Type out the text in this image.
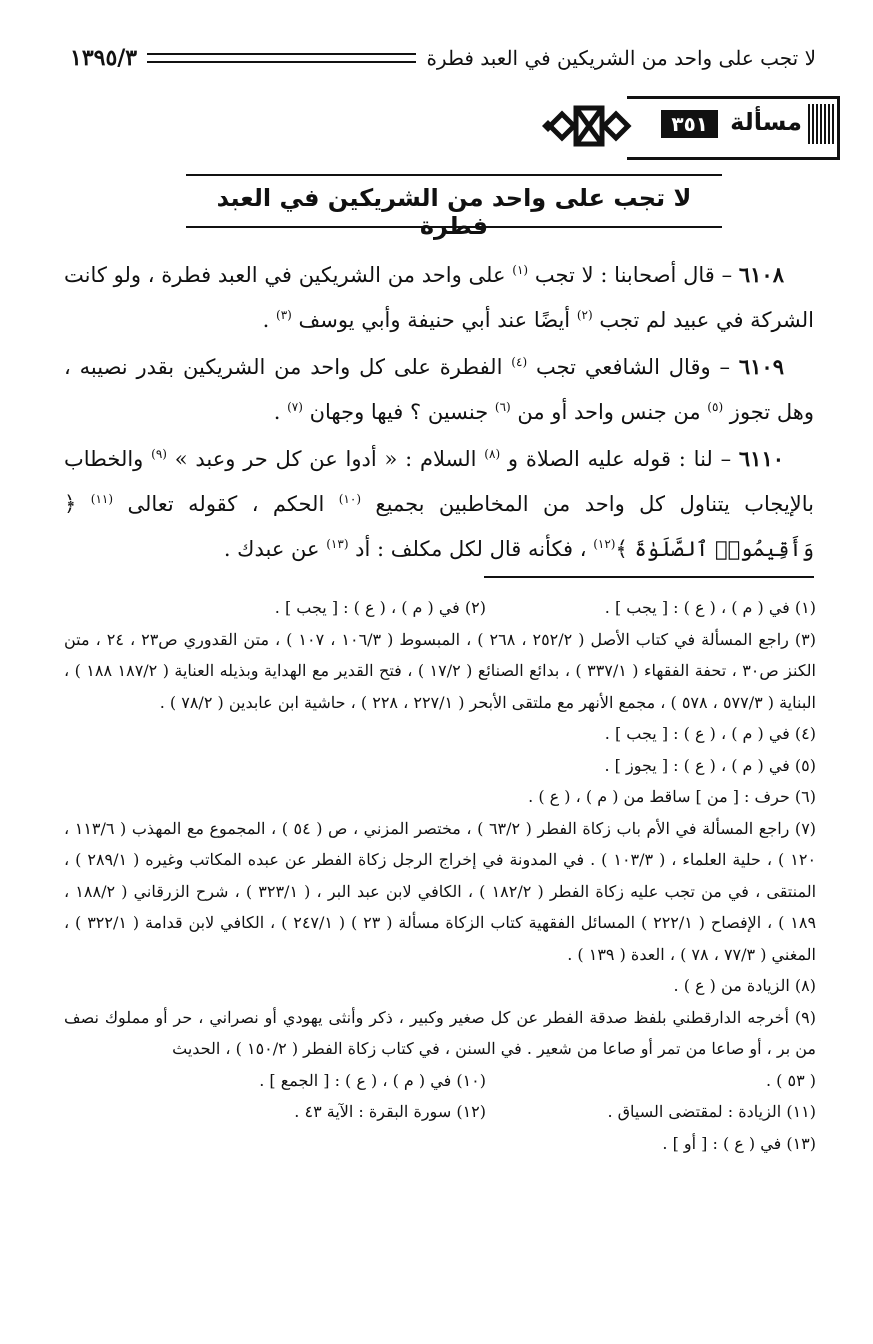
لا تجب على واحد من الشريكين في العبد فطرة
١٣٩٥/٣
مسألة
٣٥١
لا تجب على واحد من الشريكين في العبد فطرة

٦١٠٨ – قال أصحابنا : لا تجب $^{(١)}$ على واحد من الشريكين في العبد فطرة ، ولو كانت الشركة في عبيد لم تجب $^{(٢)}$ أيضًا عند أبي حنيفة وأبي يوسف $^{(٣)}$ .

٦١٠٩ – وقال الشافعي تجب $^{(٤)}$ الفطرة على كل واحد من الشريكين بقدر نصيبه ، وهل تجوز $^{(٥)}$ من جنس واحد أو من $^{(٦)}$ جنسين ؟ فيها وجهان $^{(٧)}$ .

٦١١٠ – لنا : قوله عليه الصلاة و $^{(٨)}$ السلام : « أدوا عن كل حر وعبد » $^{(٩)}$ والخطاب بالإيجاب يتناول كل واحد من المخاطبين بجميع $^{(١٠)}$ الحكم ، كقوله تعالى $^{(١١)}$ ﴿ وَأَقِيمُوا۟ ٱلصَّلَوٰةَ ﴾$^{(١٢)}$ ، فكأنه قال لكل مكلف : أد $^{(١٣)}$ عن عبدك .

(١) في ( م ) ، ( ع ) : [ يجب ] .
(٢) في ( م ) ، ( ع ) : [ يجب ] .

(٣) راجع المسألة في كتاب الأصل ( ٢٥٢/٢ ، ٢٦٨ ) ، المبسوط ( ١٠٦/٣ ، ١٠٧ ) ، متن القدوري ص٢٣ ، ٢٤ ، متن الكنز ص٣٠ ، تحفة الفقهاء ( ٣٣٧/١ ) ، بدائع الصنائع ( ١٧/٢ ) ، فتح القدير مع الهداية وبذيله العناية ( ١٨٧/٢ ١٨٨ ) ، البناية ( ٥٧٧/٣ ، ٥٧٨ ) ، مجمع الأنهر مع ملتقى الأبحر ( ٢٢٧/١ ، ٢٢٨ ) ، حاشية ابن عابدين ( ٧٨/٢ ) .

(٤) في ( م ) ، ( ع ) : [ يجب ] .

(٥) في ( م ) ، ( ع ) : [ يجوز ] .

(٦) حرف : [ من ] ساقط من ( م ) ، ( ع ) .

(٧) راجع المسألة في الأم باب زكاة الفطر ( ٦٣/٢ ) ، مختصر المزني ، ص ( ٥٤ ) ، المجموع مع المهذب ( ١١٣/٦ ، ١٢٠ ) ، حلية العلماء ، ( ١٠٣/٣ ) . في المدونة في إخراج الرجل زكاة الفطر عن عبده المكاتب وغيره ( ٢٨٩/١ ) ، المنتقى ، في من تجب عليه زكاة الفطر ( ١٨٢/٢ ) ، الكافي لابن عبد البر ، ( ٣٢٣/١ ) ، شرح الزرقاني ( ١٨٨/٢ ، ١٨٩ ) ، الإفصاح ( ٢٢٢/١ ) المسائل الفقهية كتاب الزكاة مسألة ( ٢٣ ) ( ٢٤٧/١ ) ، الكافي لابن قدامة ( ٣٢٢/١ ) ، المغني ( ٧٧/٣ ، ٧٨ ) ، العدة ( ١٣٩ ) .

(٨) الزيادة من ( ع ) .

(٩) أخرجه الدارقطني بلفظ صدقة الفطر عن كل صغير وكبير ، ذكر وأنثى يهودي أو نصراني ، حر أو مملوك نصف من بر ، أو صاعا من تمر أو صاعا من شعير . في السنن ، في كتاب زكاة الفطر ( ١٥٠/٢ ) ، الحديث

( ٥٣ ) .
(١٠) في ( م ) ، ( ع ) : [ الجمع ] .
(١١) الزيادة : لمقتضى السياق .
(١٢) سورة البقرة : الآية ٤٣ .

(١٣) في ( ع ) : [ أو ] .
